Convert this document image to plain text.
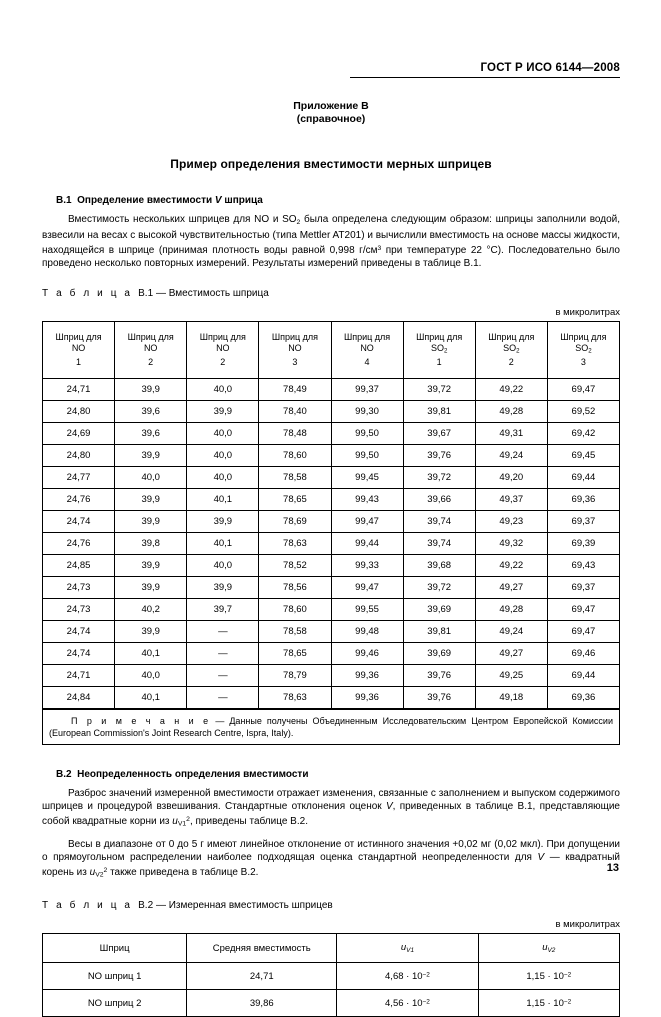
ГОСТ Р ИСО 6144—2008
Приложение В
(справочное)
Пример определения вместимости мерных шприцев
В.1 Определение вместимости V шприца

Вместимость нескольких шприцев для NO и $SO_2$ была определена следующим образом: шприцы заполнили водой, взвесили на весах с высокой чувствительностью (типа Mettler AT201) и вычислили вместимость на основе массы жидкости, находящейся в шприце (принимая плотность воды равной 0,998 $г/см^3$ при температуре 22 °С). Последовательно было проведено несколько повторных измерений. Результаты измерений приведены в таблице В.1.

Т а б л и ц а В.1 — Вместимость шприца
в микролитрах
Шприц для
NO
1	Шприц для
NO
2	Шприц для
NO
2	Шприц для
NO
3	Шприц для
NO
4	Шприц для
$SO_2$
1	Шприц для
$SO_2$
2	Шприц для
$SO_2$
3

24,71	39,9	40,0	78,49	99,37	39,72	49,22	69,47
24,80	39,6	39,9	78,40	99,30	39,81	49,28	69,52
24,69	39,6	40,0	78,48	99,50	39,67	49,31	69,42
24,80	39,9	40,0	78,60	99,50	39,76	49,24	69,45
24,77	40,0	40,0	78,58	99,45	39,72	49,20	69,44
24,76	39,9	40,1	78,65	99,43	39,66	49,37	69,36
24,74	39,9	39,9	78,69	99,47	39,74	49,23	69,37
24,76	39,8	40,1	78,63	99,44	39,74	49,32	69,39
24,85	39,9	40,0	78,52	99,33	39,68	49,22	69,43
24,73	39,9	39,9	78,56	99,47	39,72	49,27	69,37
24,73	40,2	39,7	78,60	99,55	39,69	49,28	69,47
24,74	39,9	—	78,58	99,48	39,81	49,24	69,47
24,74	40,1	—	78,65	99,46	39,69	49,27	69,46
24,71	40,0	—	78,79	99,36	39,76	49,25	69,44
24,84	40,1	—	78,63	99,36	39,76	49,18	69,36
П р и м е ч а н и е — Данные получены Объединенным Исследовательским Центром Европейской Комиссии (European Commission's Joint Research Centre, Ispra, Italy).
В.2 Неопределенность определения вместимости

Разброс значений измеренной вместимости отражает изменения, связанные с заполнением и выпуском содержимого шприцев и процедурой взвешивания. Стандартные отклонения оценок V, приведенных в таблице В.1, представляющие собой квадратные корни из $u_{V1}^2$, приведены таблице В.2.

Весы в диапазоне от 0 до 5 г имеют линейное отклонение от истинного значения +0,02 мг (0,02 мкл). При допущении о прямоугольном распределении наиболее подходящая оценка стандартной неопределенности для V — квадратный корень из $u_{V2}^2$ также приведена в таблице В.2.

Т а б л и ц а В.2 — Измеренная вместимость шприцев
в микролитрах
Шприц	Средняя вместимость	$u_{V1}$	$u_{V2}$
NO шприц 1	24,71	$4,68 \cdot 10^{-2}$	$1,15 \cdot 10^{-2}$
NO шприц 2	39,86	$4,56 \cdot 10^{-2}$	$1,15 \cdot 10^{-2}$
13
